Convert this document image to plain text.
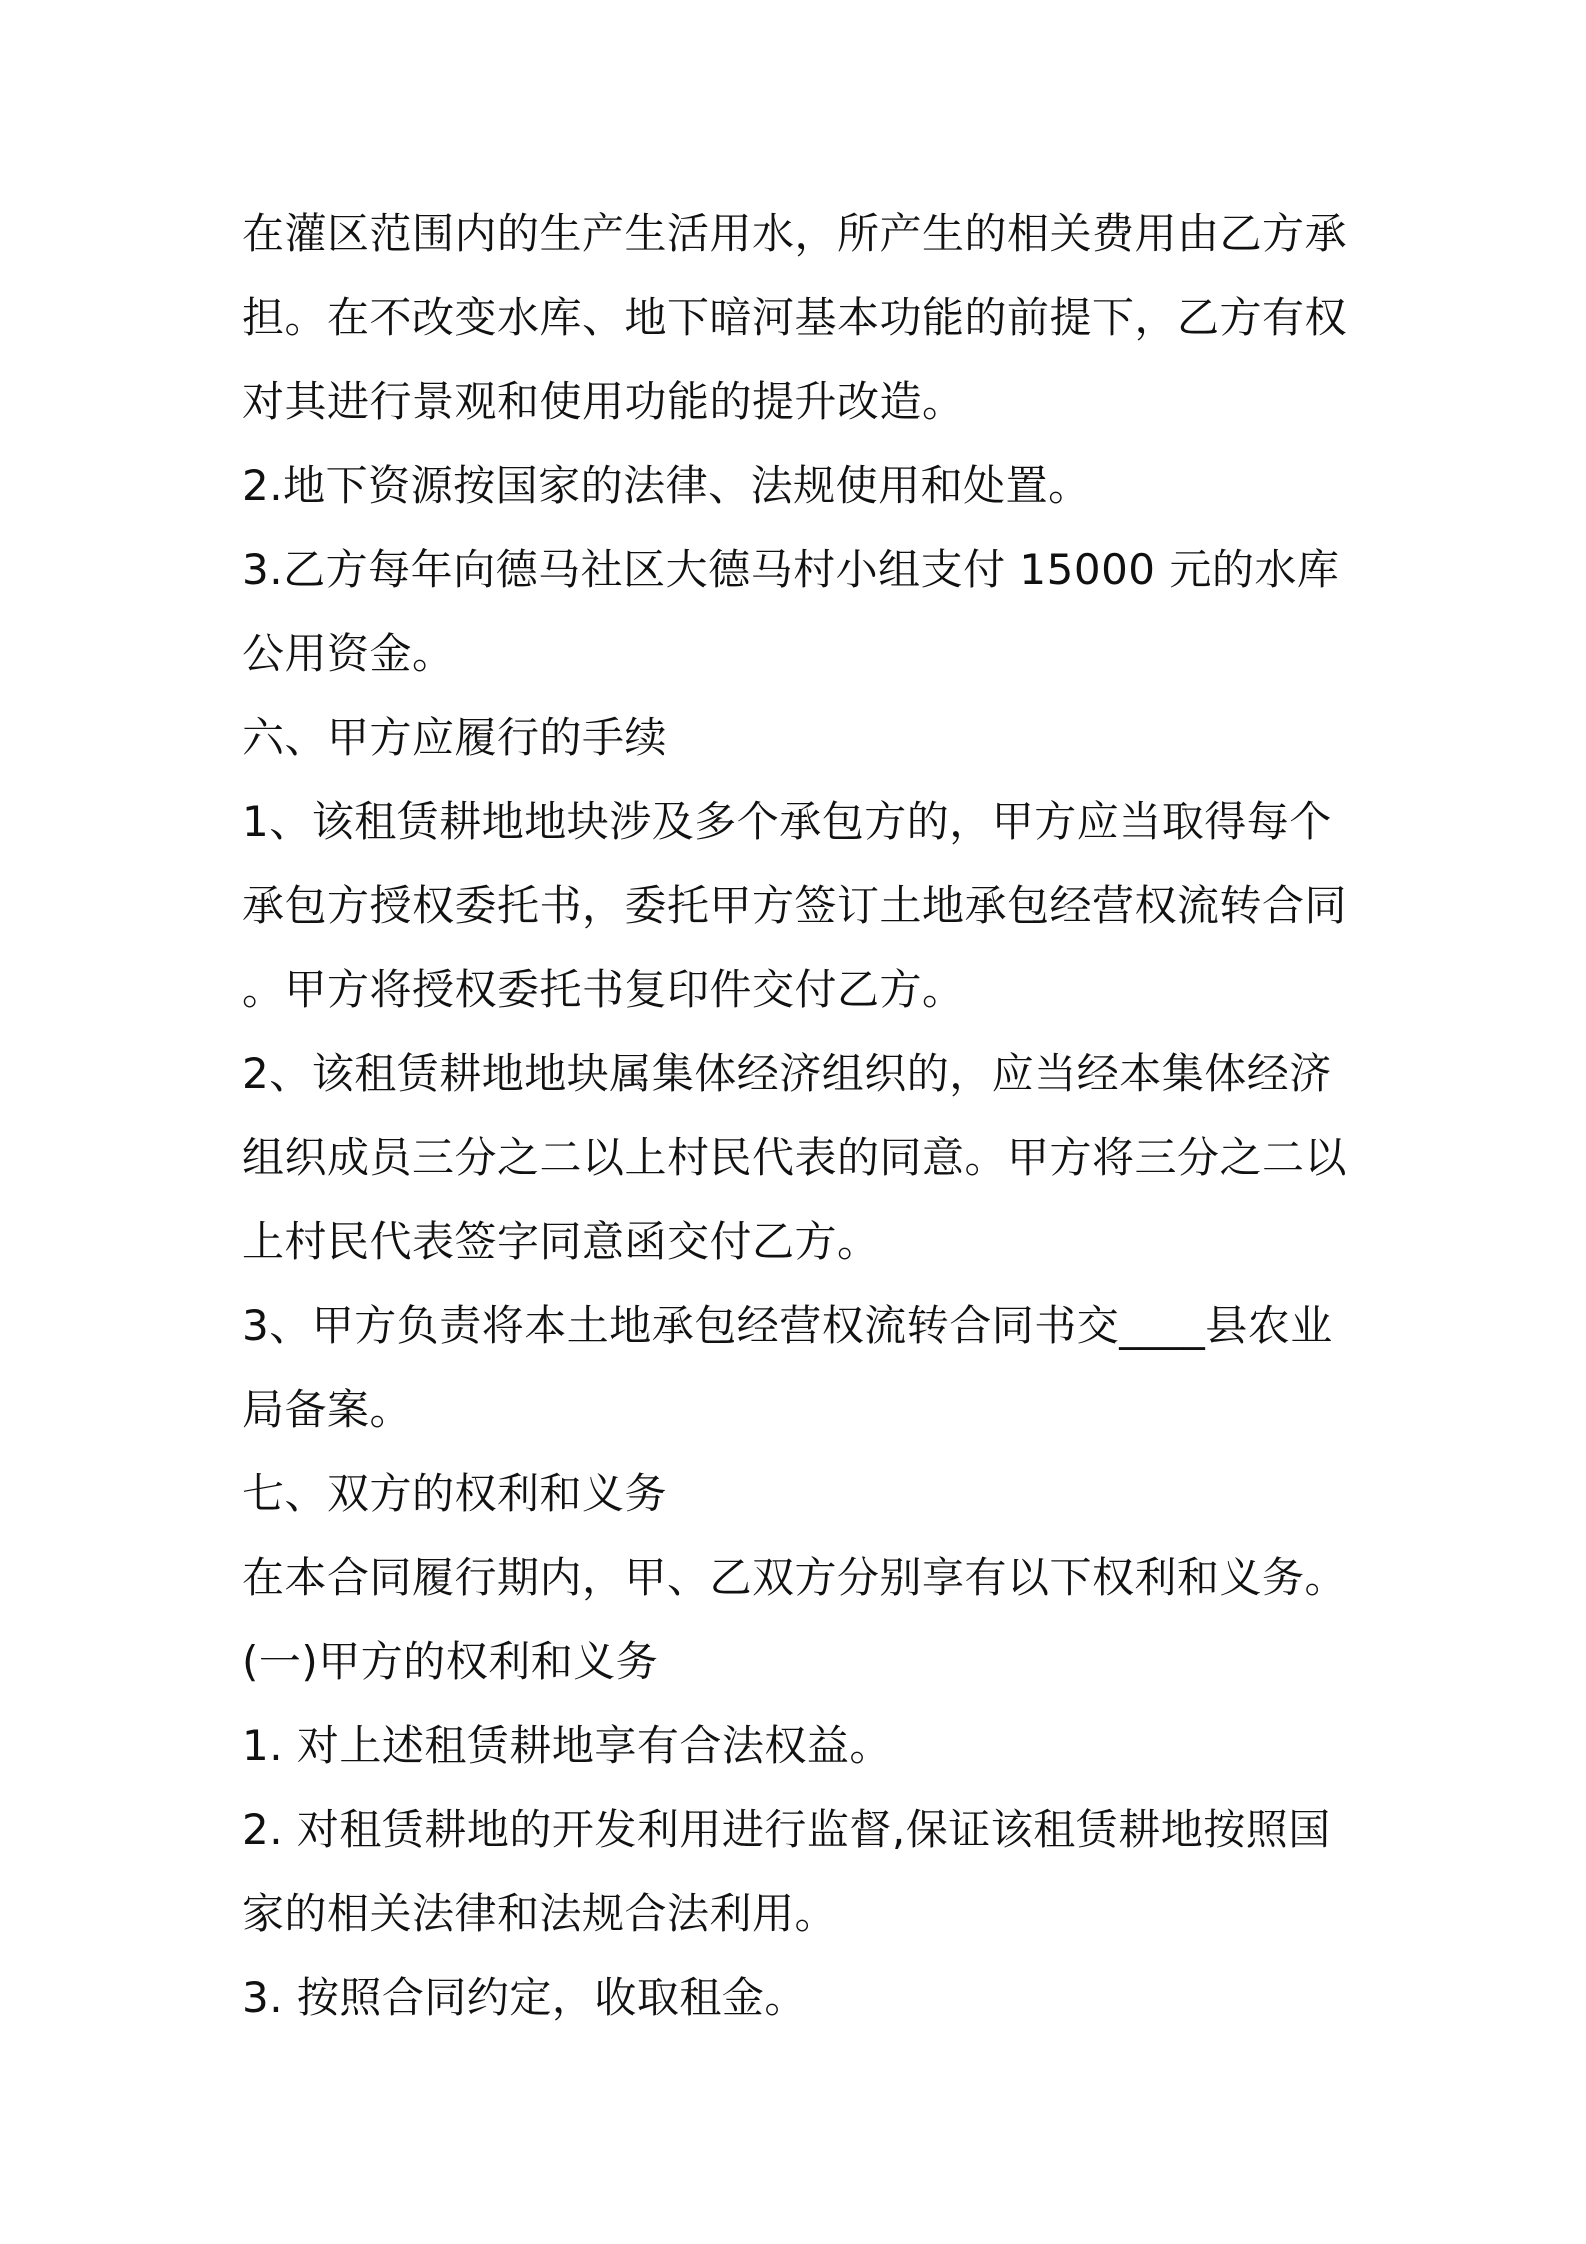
在灌区范围内的生产生活用水，所产生的相关费用由乙方承
担。在不改变水库、地下暗河基本功能的前提下，乙方有权
对其进行景观和使用功能的提升改造。
2.地下资源按国家的法律、法规使用和处置。
3.乙方每年向德马社区大德马村小组支付 15000 元的水库
公用资金。
六、甲方应履行的手续
1、该租赁耕地地块涉及多个承包方的，甲方应当取得每个
承包方授权委托书，委托甲方签订土地承包经营权流转合同
。甲方将授权委托书复印件交付乙方。
2、该租赁耕地地块属集体经济组织的，应当经本集体经济
组织成员三分之二以上村民代表的同意。甲方将三分之二以
上村民代表签字同意函交付乙方。
3、甲方负责将本土地承包经营权流转合同书交____县农业
局备案。
七、双方的权利和义务
在本合同履行期内，甲、乙双方分别享有以下权利和义务。
(一)甲方的权利和义务
1. 对上述租赁耕地享有合法权益。
2. 对租赁耕地的开发利用进行监督,保证该租赁耕地按照国
家的相关法律和法规合法利用。
3. 按照合同约定，收取租金。
